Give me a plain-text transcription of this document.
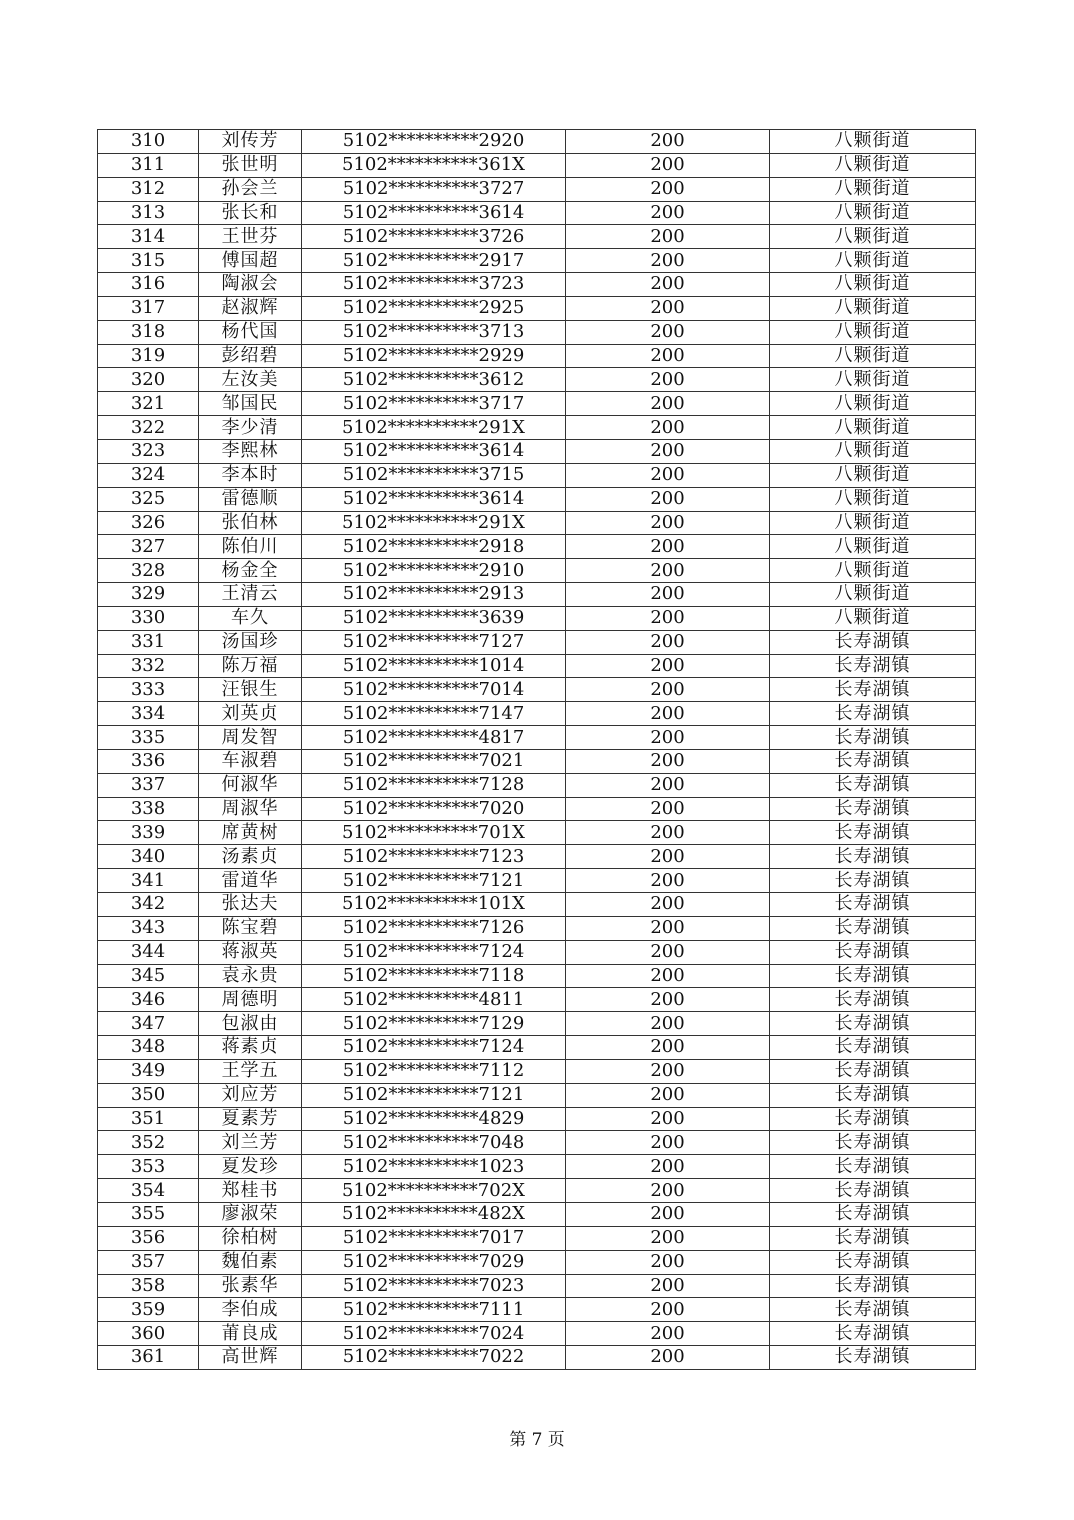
310	刘传芳	5102**********2920	200	八颗街道
311	张世明	5102**********361X	200	八颗街道
312	孙会兰	5102**********3727	200	八颗街道
313	张长和	5102**********3614	200	八颗街道
314	王世芬	5102**********3726	200	八颗街道
315	傅国超	5102**********2917	200	八颗街道
316	陶淑会	5102**********3723	200	八颗街道
317	赵淑辉	5102**********2925	200	八颗街道
318	杨代国	5102**********3713	200	八颗街道
319	彭绍碧	5102**********2929	200	八颗街道
320	左汝美	5102**********3612	200	八颗街道
321	邹国民	5102**********3717	200	八颗街道
322	李少清	5102**********291X	200	八颗街道
323	李熙林	5102**********3614	200	八颗街道
324	李本时	5102**********3715	200	八颗街道
325	雷德顺	5102**********3614	200	八颗街道
326	张伯林	5102**********291X	200	八颗街道
327	陈伯川	5102**********2918	200	八颗街道
328	杨金全	5102**********2910	200	八颗街道
329	王清云	5102**********2913	200	八颗街道
330	车久	5102**********3639	200	八颗街道
331	汤国珍	5102**********7127	200	长寿湖镇
332	陈万福	5102**********1014	200	长寿湖镇
333	汪银生	5102**********7014	200	长寿湖镇
334	刘英贞	5102**********7147	200	长寿湖镇
335	周发智	5102**********4817	200	长寿湖镇
336	车淑碧	5102**********7021	200	长寿湖镇
337	何淑华	5102**********7128	200	长寿湖镇
338	周淑华	5102**********7020	200	长寿湖镇
339	席黄树	5102**********701X	200	长寿湖镇
340	汤素贞	5102**********7123	200	长寿湖镇
341	雷道华	5102**********7121	200	长寿湖镇
342	张达夫	5102**********101X	200	长寿湖镇
343	陈宝碧	5102**********7126	200	长寿湖镇
344	蒋淑英	5102**********7124	200	长寿湖镇
345	袁永贵	5102**********7118	200	长寿湖镇
346	周德明	5102**********4811	200	长寿湖镇
347	包淑由	5102**********7129	200	长寿湖镇
348	蒋素贞	5102**********7124	200	长寿湖镇
349	王学五	5102**********7112	200	长寿湖镇
350	刘应芳	5102**********7121	200	长寿湖镇
351	夏素芳	5102**********4829	200	长寿湖镇
352	刘兰芳	5102**********7048	200	长寿湖镇
353	夏发珍	5102**********1023	200	长寿湖镇
354	郑桂书	5102**********702X	200	长寿湖镇
355	廖淑荣	5102**********482X	200	长寿湖镇
356	徐柏树	5102**********7017	200	长寿湖镇
357	魏伯素	5102**********7029	200	长寿湖镇
358	张素华	5102**********7023	200	长寿湖镇
359	李伯成	5102**********7111	200	长寿湖镇
360	莆良成	5102**********7024	200	长寿湖镇
361	高世辉	5102**********7022	200	长寿湖镇
第 7 页
